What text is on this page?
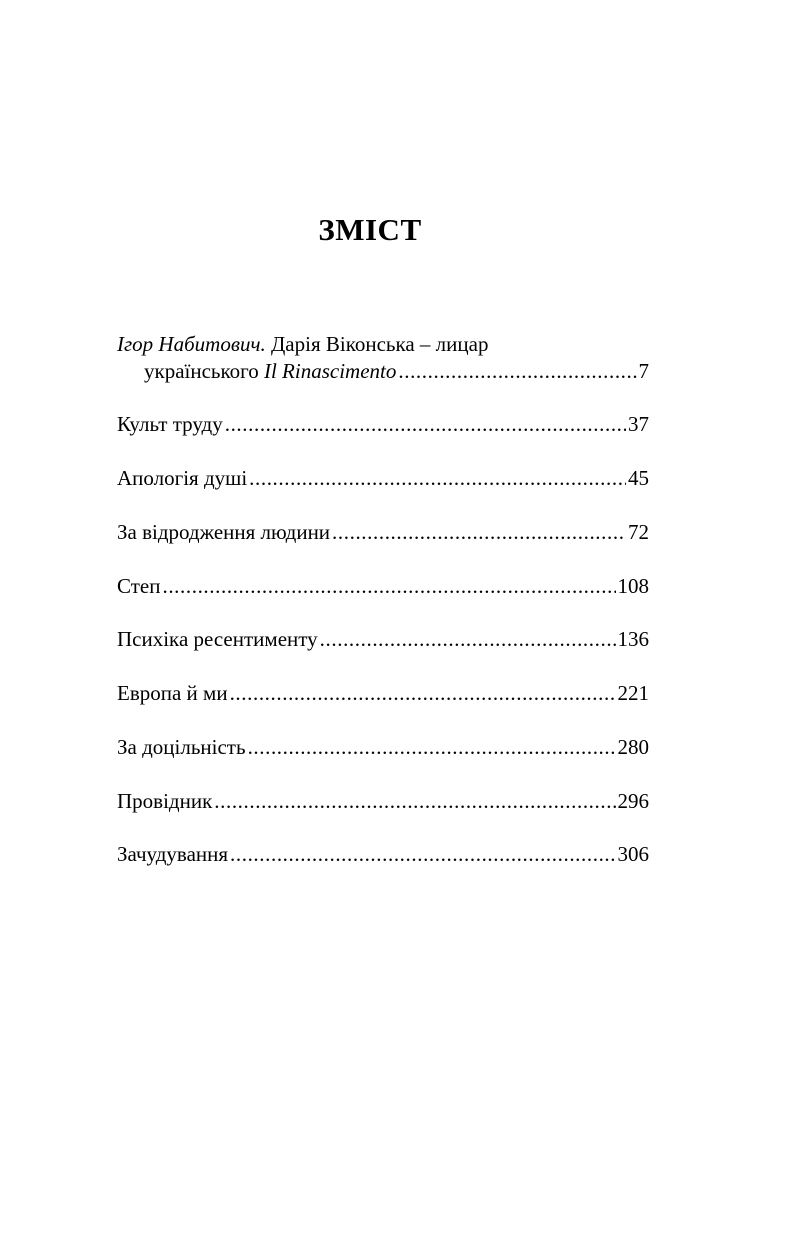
ЗМІСТ
Ігор Набитович. Дарія Віконська – лицар
українського Il Rinascimento .....	7
Культ труду .....	37
Апологія душі .....	45
За відродження людини .....	72
Степ .....	108
Психіка ресентименту .....	136
Европа й ми .....	221
За доцільність .....	280
Провідник .....	296
Зачудування .....	306
